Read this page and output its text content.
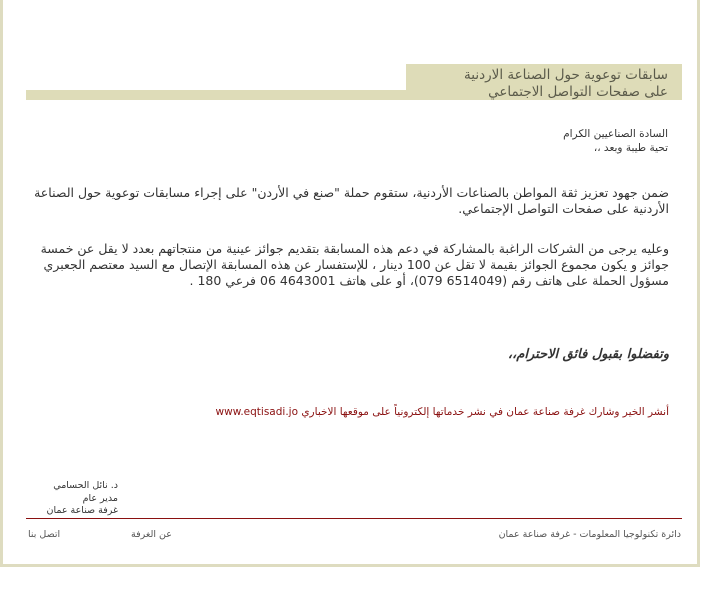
سابقات توعوية حول الصناعة الاردنية
على صفحات التواصل الاجتماعي
السادة الصناعيين الكرام
تحية طيبة وبعد ،،
ضمن جهود تعزيز ثقة المواطن بالصناعات الأردنية، ستقوم حملة "صنع في الأردن" على إجراء مسابقات توعوية حول الصناعة الأردنية على صفحات التواصل الإجتماعي.
وعليه يرجى من الشركات الراغبة بالمشاركة في دعم هذه المسابقة بتقديم جوائز عينية من منتجاتهم بعدد لا يقل عن خمسة جوائز و يكون مجموع الجوائز بقيمة لا تقل عن 100 دينار ، للإستفسار عن هذه المسابقة الإتصال مع السيد معتصم الجعبري مسؤول الحملة على هاتف رقم (6514049 079)، أو على هاتف 4643001 06 فرعي 180 .
وتفضلوا بقبول فائق الاحترام،،
أنشر الخير وشارك غرفة صناعة عمان في نشر خدماتها إلكترونياً على موقعها الاخباري www.eqtisadi.jo
د. نائل الحسامي
مدير عام
غرفة صناعة عمان
دائرة تكنولوجيا المعلومات - غرفة صناعة عمان
عن الغرفة
اتصل بنا
